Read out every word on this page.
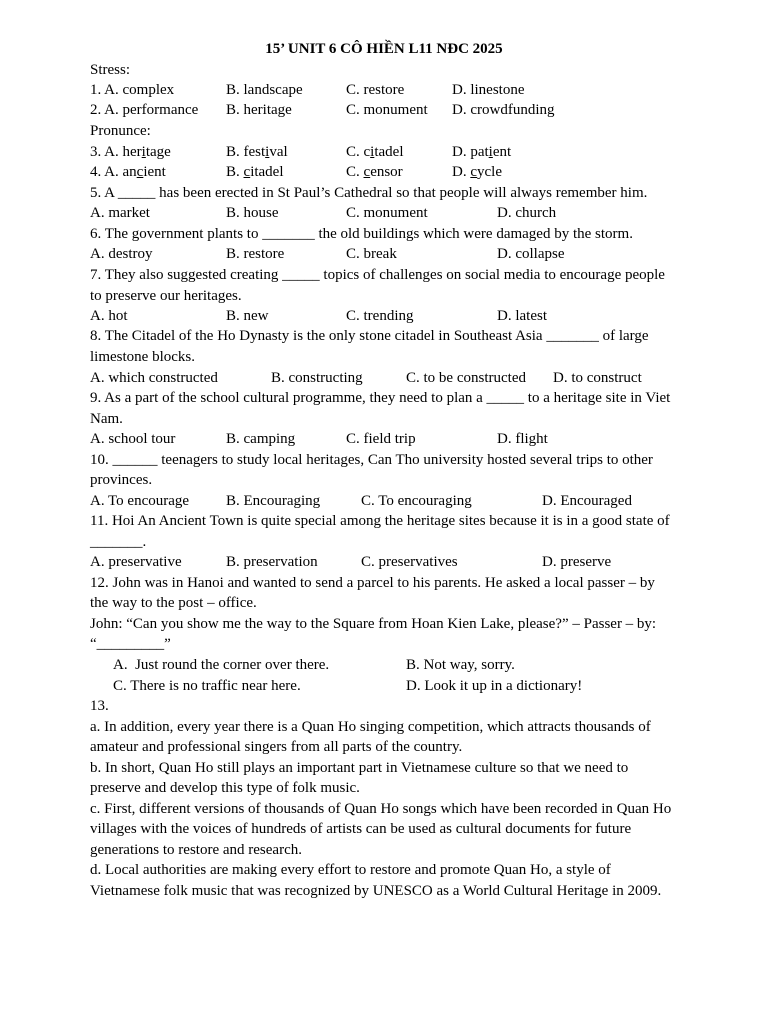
15’ UNIT 6 CÔ HIỀN L11 NĐC 2025
Stress:
1. A. complex	B. landscape	C. restore	D. linestone
2. A. performance B. heritage	C. monument D. crowdfunding
Pronunce:
3. A. heritage	B. festival	C. citadel	D. patient
4. A. ancient	B. citadel	C. censor	D. cycle
5. A _____ has been erected in St Paul’s Cathedral so that people will always remember him.
A. market	B. house	C. monument	D. church
6. The government plants to _______ the old buildings which were damaged by the storm.
A. destroy	B. restore	C. break	D. collapse
7. They also suggested creating _____ topics of challenges on social media to encourage people
to preserve our heritages.
A. hot	B. new	C. trending	D. latest
8. The Citadel of the Ho Dynasty is the only stone citadel in Southeast Asia _______ of large
limestone blocks.
A. which constructed	B. constructing	C. to be constructed D. to construct
9. As a part of the school cultural programme, they need to plan a _____ to a heritage site in Viet
Nam.
A. school tour	B. camping	C. field trip	D. flight
10. ______ teenagers to study local heritages, Can Tho university hosted several trips to other
provinces.
A. To encourage B. Encouraging	C. To encouraging	D. Encouraged
11. Hoi An Ancient Town is quite special among the heritage sites because it is in a good state of
_______.
A. preservative	B. preservation	C. preservatives	D. preserve
12. John was in Hanoi and wanted to send a parcel to his parents. He asked a local passer – by
the way to the post – office.
John: “Can you show me the way to the Square from Hoan Kien Lake, please?” – Passer – by:
“_________”
A.  Just round the corner over there.	B. Not way, sorry.
C. There is no traffic near here.	D. Look it up in a dictionary!
13.
a. In addition, every year there is a Quan Ho singing competition, which attracts thousands of
amateur and professional singers from all parts of the country.
b. In short, Quan Ho still plays an important part in Vietnamese culture so that we need to
preserve and develop this type of folk music.
c. First, different versions of thousands of Quan Ho songs which have been recorded in Quan Ho
villages with the voices of hundreds of artists can be used as cultural documents for future
generations to restore and research.
d. Local authorities are making every effort to restore and promote Quan Ho, a style of
Vietnamese folk music that was recognized by UNESCO as a World Cultural Heritage in 2009.
